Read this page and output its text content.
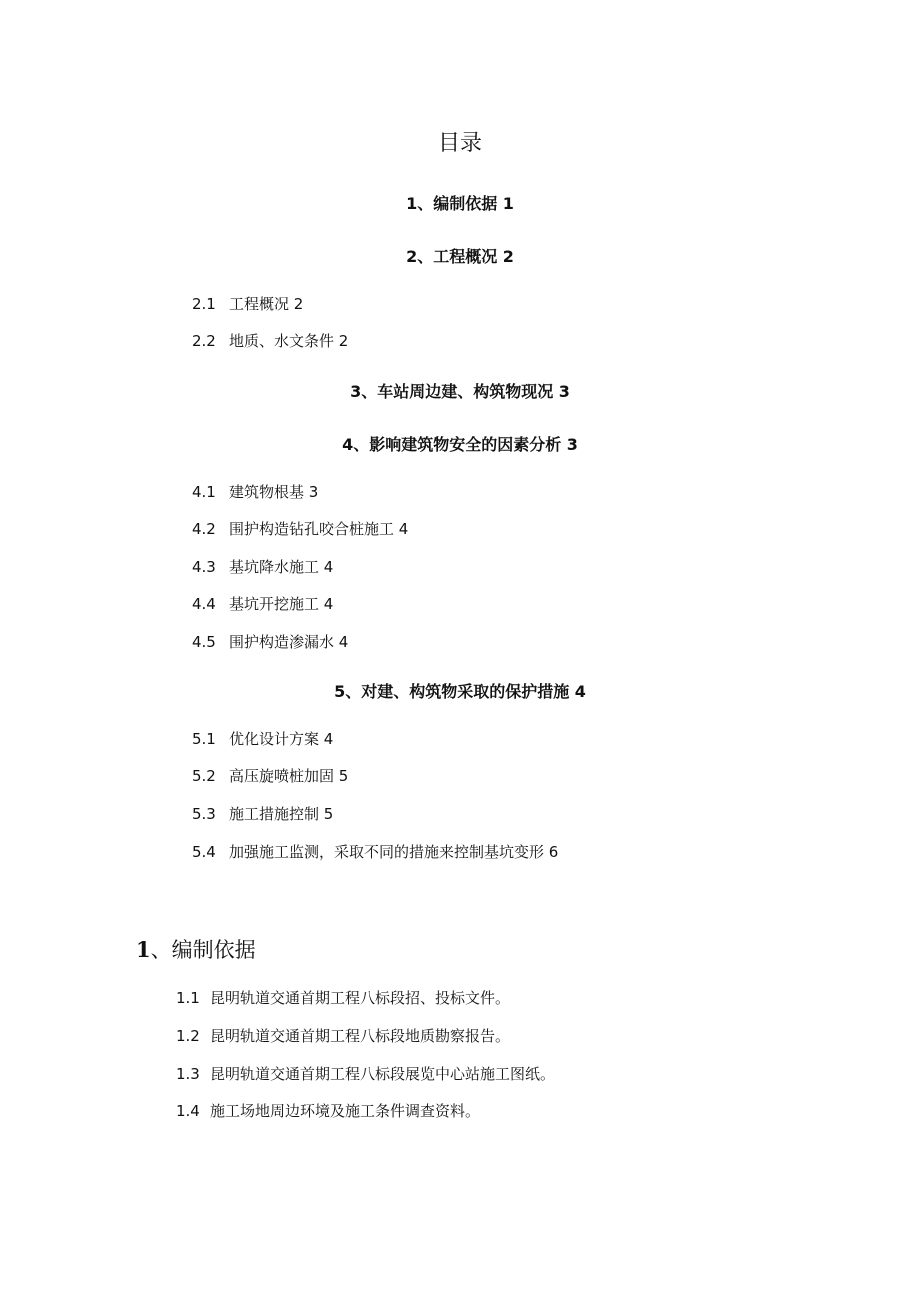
目录
1、编制依据 1
2、工程概况 2
2.1 工程概况 2
2.2 地质、水文条件 2
3、车站周边建、构筑物现况 3
4、影响建筑物安全的因素分析 3
4.1 建筑物根基 3
4.2 围护构造钻孔咬合桩施工 4
4.3 基坑降水施工 4
4.4 基坑开挖施工 4
4.5 围护构造渗漏水 4
5、对建、构筑物采取的保护措施 4
5.1 优化设计方案 4
5.2 高压旋喷桩加固 5
5.3 施工措施控制 5
5.4 加强施工监测，采取不同的措施来控制基坑变形 6
1、编制依据
1.1 昆明轨道交通首期工程八标段招、投标文件。
1.2 昆明轨道交通首期工程八标段地质勘察报告。
1.3 昆明轨道交通首期工程八标段展览中心站施工图纸。
1.4 施工场地周边环境及施工条件调查资料。
